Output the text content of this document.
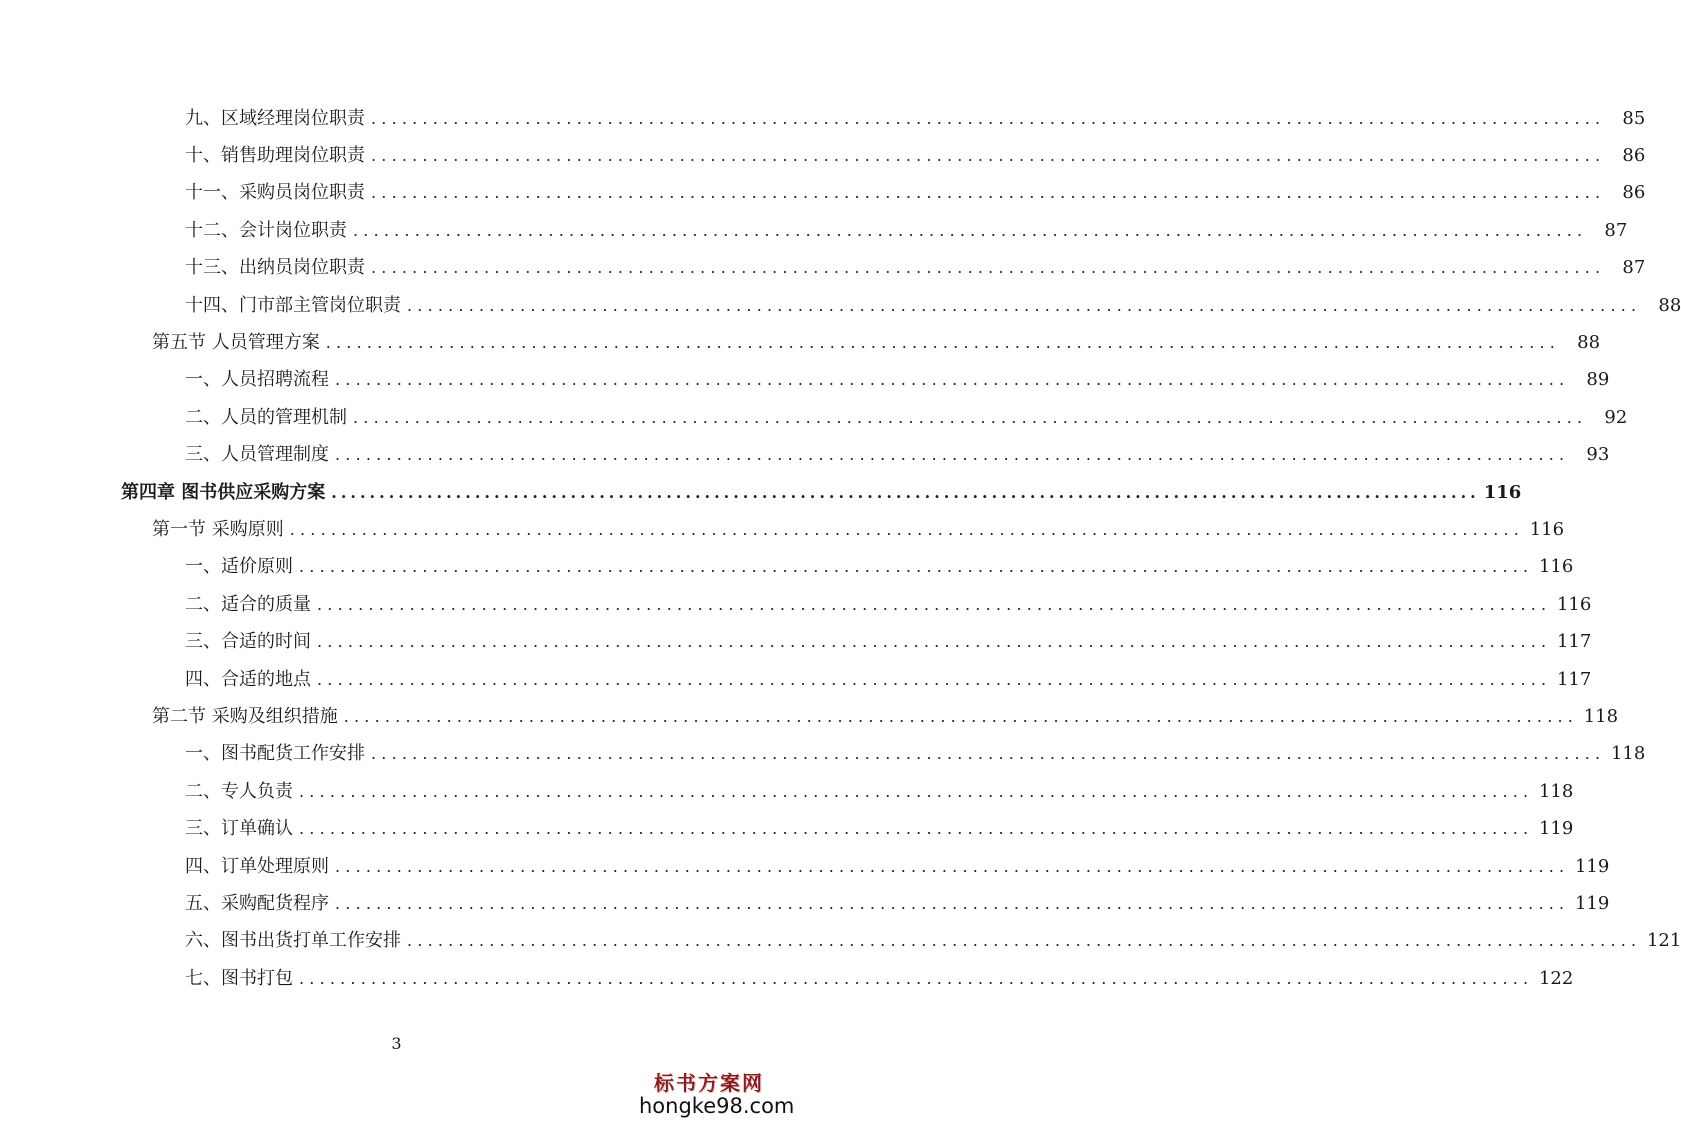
九、区域经理岗位职责 ........................................................................................................................ 85
十、销售助理岗位职责 ........................................................................................................................ 86
十一、采购员岗位职责 ........................................................................................................................ 86
十二、会计岗位职责 ........................................................................................................................ 87
十三、出纳员岗位职责 ........................................................................................................................ 87
十四、门市部主管岗位职责 ........................................................................................................................ 88
第五节 人员管理方案 ........................................................................................................................ 88
一、人员招聘流程 ........................................................................................................................ 89
二、人员的管理机制 ........................................................................................................................ 92
三、人员管理制度 ........................................................................................................................ 93
第四章 图书供应采购方案 ........................................................................................................................ 116
第一节 采购原则 ........................................................................................................................ 116
一、适价原则 ........................................................................................................................ 116
二、适合的质量 ........................................................................................................................ 116
三、合适的时间 ........................................................................................................................ 117
四、合适的地点 ........................................................................................................................ 117
第二节 采购及组织措施 ........................................................................................................................ 118
一、图书配货工作安排 ........................................................................................................................ 118
二、专人负责 ........................................................................................................................ 118
三、订单确认 ........................................................................................................................ 119
四、订单处理原则 ........................................................................................................................ 119
五、采购配货程序 ........................................................................................................................ 119
六、图书出货打单工作安排 ........................................................................................................................ 121
七、图书打包 ........................................................................................................................ 122
3
标书方案网
hongke98.com
